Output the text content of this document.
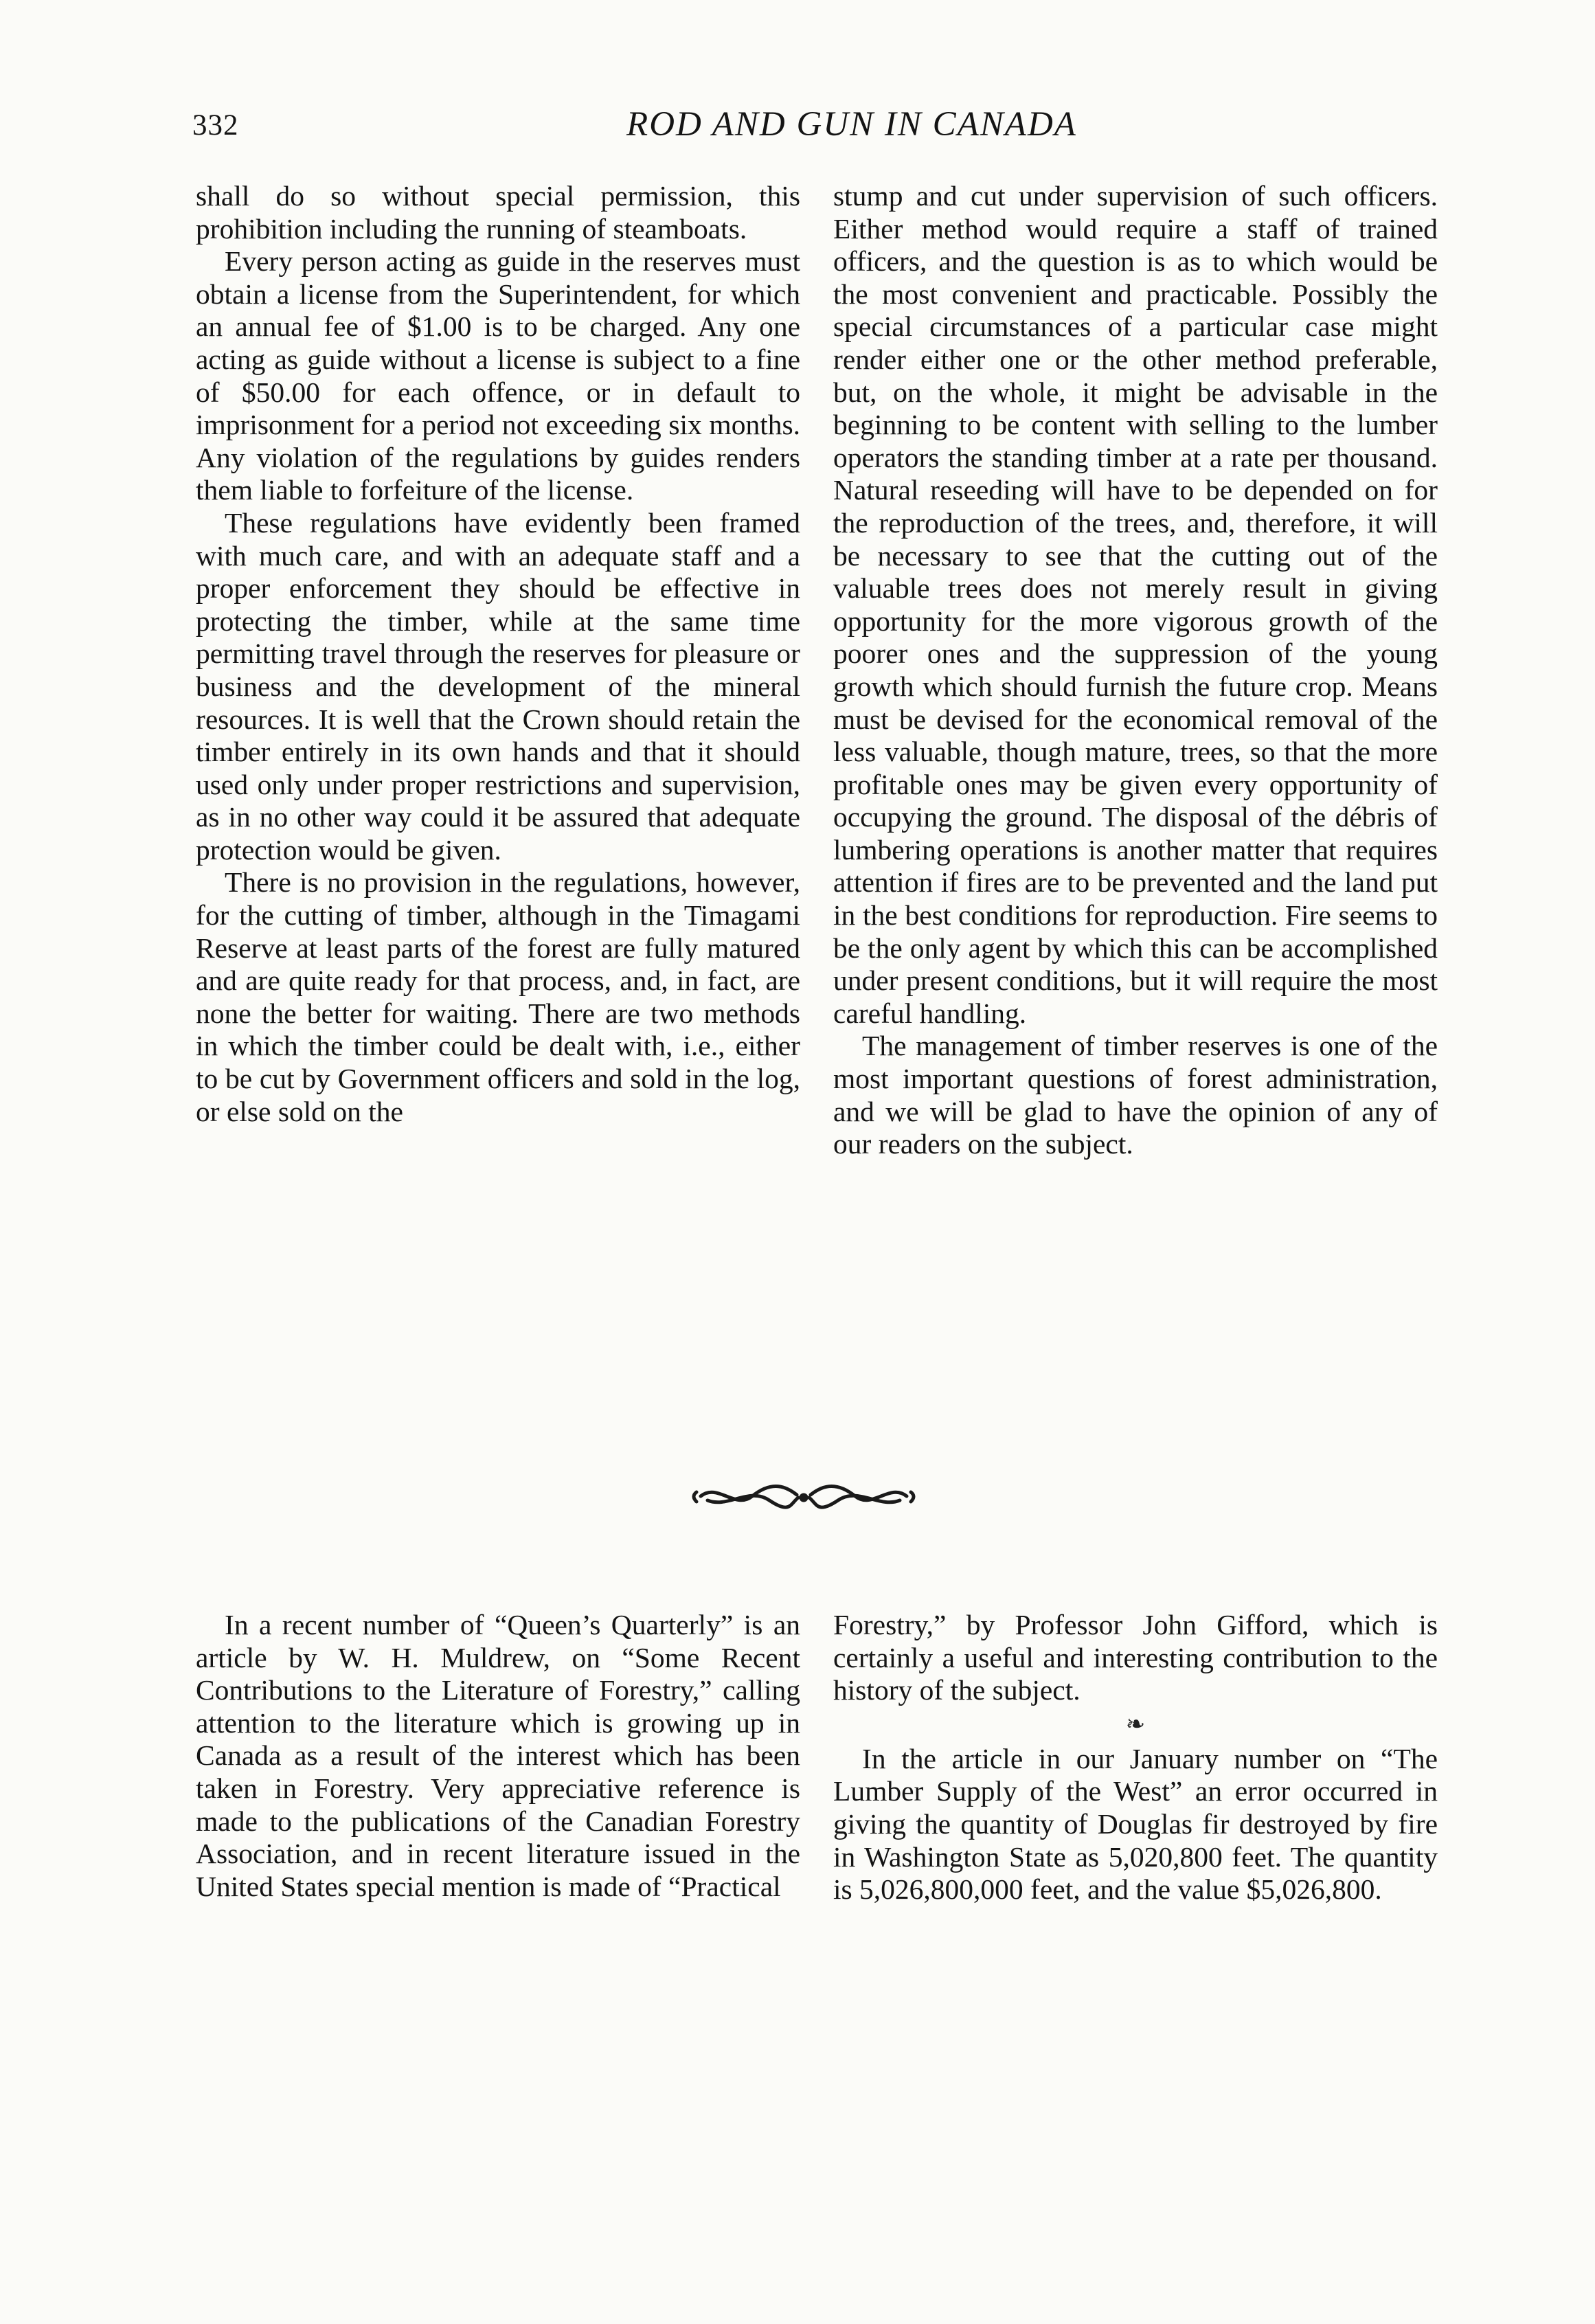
332	ROD AND GUN IN CANADA

shall do so without special permission, this prohibition including the running of steamboats.

Every person acting as guide in the reserves must obtain a license from the Superintendent, for which an annual fee of $1.00 is to be charged. Any one acting as guide without a license is subject to a fine of $50.00 for each offence, or in default to imprisonment for a period not exceeding six months. Any violation of the regulations by guides renders them liable to forfeiture of the license.

These regulations have evidently been framed with much care, and with an adequate staff and a proper enforcement they should be effective in protecting the timber, while at the same time permitting travel through the reserves for pleasure or business and the development of the mineral resources. It is well that the Crown should retain the timber entirely in its own hands and that it should used only under proper restrictions and supervision, as in no other way could it be assured that adequate protection would be given.

There is no provision in the regulations, however, for the cutting of timber, although in the Timagami Reserve at least parts of the forest are fully matured and are quite ready for that process, and, in fact, are none the better for waiting. There are two methods in which the timber could be dealt with, i.e., either to be cut by Government officers and sold in the log, or else sold on the

stump and cut under supervision of such officers. Either method would require a staff of trained officers, and the question is as to which would be the most convenient and practicable. Possibly the special circumstances of a particular case might render either one or the other method preferable, but, on the whole, it might be advisable in the beginning to be content with selling to the lumber operators the standing timber at a rate per thousand. Natural reseeding will have to be depended on for the reproduction of the trees, and, therefore, it will be necessary to see that the cutting out of the valuable trees does not merely result in giving opportunity for the more vigorous growth of the poorer ones and the suppression of the young growth which should furnish the future crop. Means must be devised for the economical removal of the less valuable, though mature, trees, so that the more profitable ones may be given every opportunity of occupying the ground. The disposal of the débris of lumbering operations is another matter that requires attention if fires are to be prevented and the land put in the best conditions for reproduction. Fire seems to be the only agent by which this can be accomplished under present conditions, but it will require the most careful handling.

The management of timber reserves is one of the most important questions of forest administration, and we will be glad to have the opinion of any of our readers on the subject.

In a recent number of “Queen’s Quarterly” is an article by W. H. Muldrew, on “Some Recent Contributions to the Literature of Forestry,” calling attention to the literature which is growing up in Canada as a result of the interest which has been taken in Forestry. Very appreciative reference is made to the publications of the Canadian Forestry Association, and in recent literature issued in the United States special mention is made of “Practical

Forestry,” by Professor John Gifford, which is certainly a useful and interesting contribution to the history of the subject.

❧

In the article in our January number on “The Lumber Supply of the West” an error occurred in giving the quantity of Douglas fir destroyed by fire in Washington State as 5,020,800 feet. The quantity is 5,026,800,000 feet, and the value $5,026,800.
